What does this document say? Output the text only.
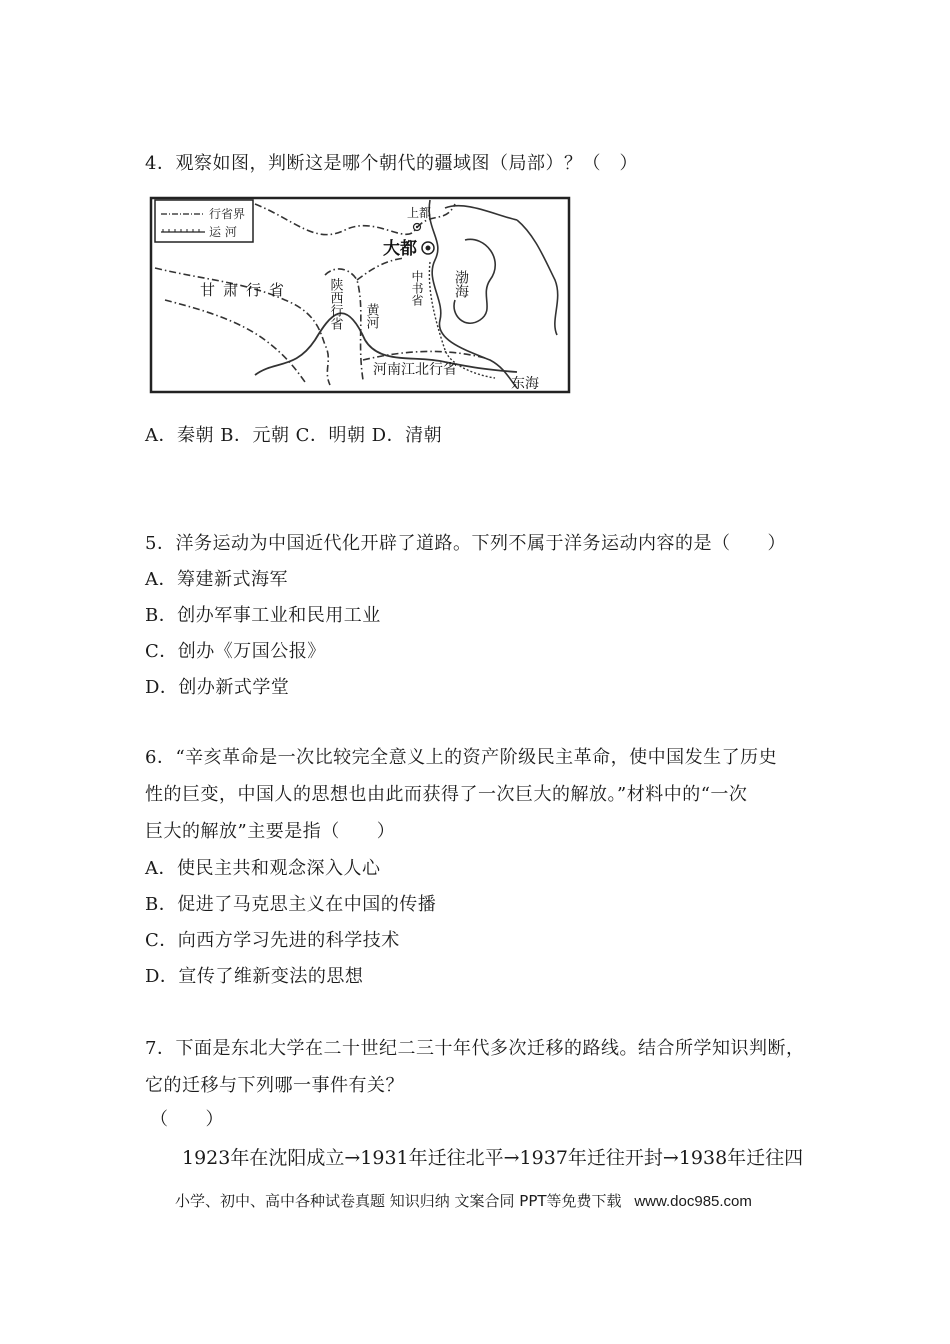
4．观察如图，判断这是哪个朝代的疆域图（局部）？（　）
行省界
运 河
上都
大都
甘肃行省	陕西行省 黄河
中书省 渤海
河南江北行省
东海
A．秦朝 B．元朝 C．明朝 D．清朝
5．洋务运动为中国近代化开辟了道路。下列不属于洋务运动内容的是（　　）
A．筹建新式海军
B．创办军事工业和民用工业
C．创办《万国公报》
D．创办新式学堂
6．“辛亥革命是一次比较完全意义上的资产阶级民主革命，使中国发生了历史
性的巨变，中国人的思想也由此而获得了一次巨大的解放。”材料中的“一次
巨大的解放”主要是指（　　）
A．使民主共和观念深入人心
B．促进了马克思主义在中国的传播
C．向西方学习先进的科学技术
D．宣传了维新变法的思想
7．下面是东北大学在二十世纪二三十年代多次迁移的路线。结合所学知识判断，
它的迁移与下列哪一事件有关？
（　　）
1923年在沈阳成立→1931年迁往北平→1937年迁往开封→1938年迁往四
小学、初中、高中各种试卷真题 知识归纳 文案合同 PPT等免费下载 www.doc985.com
